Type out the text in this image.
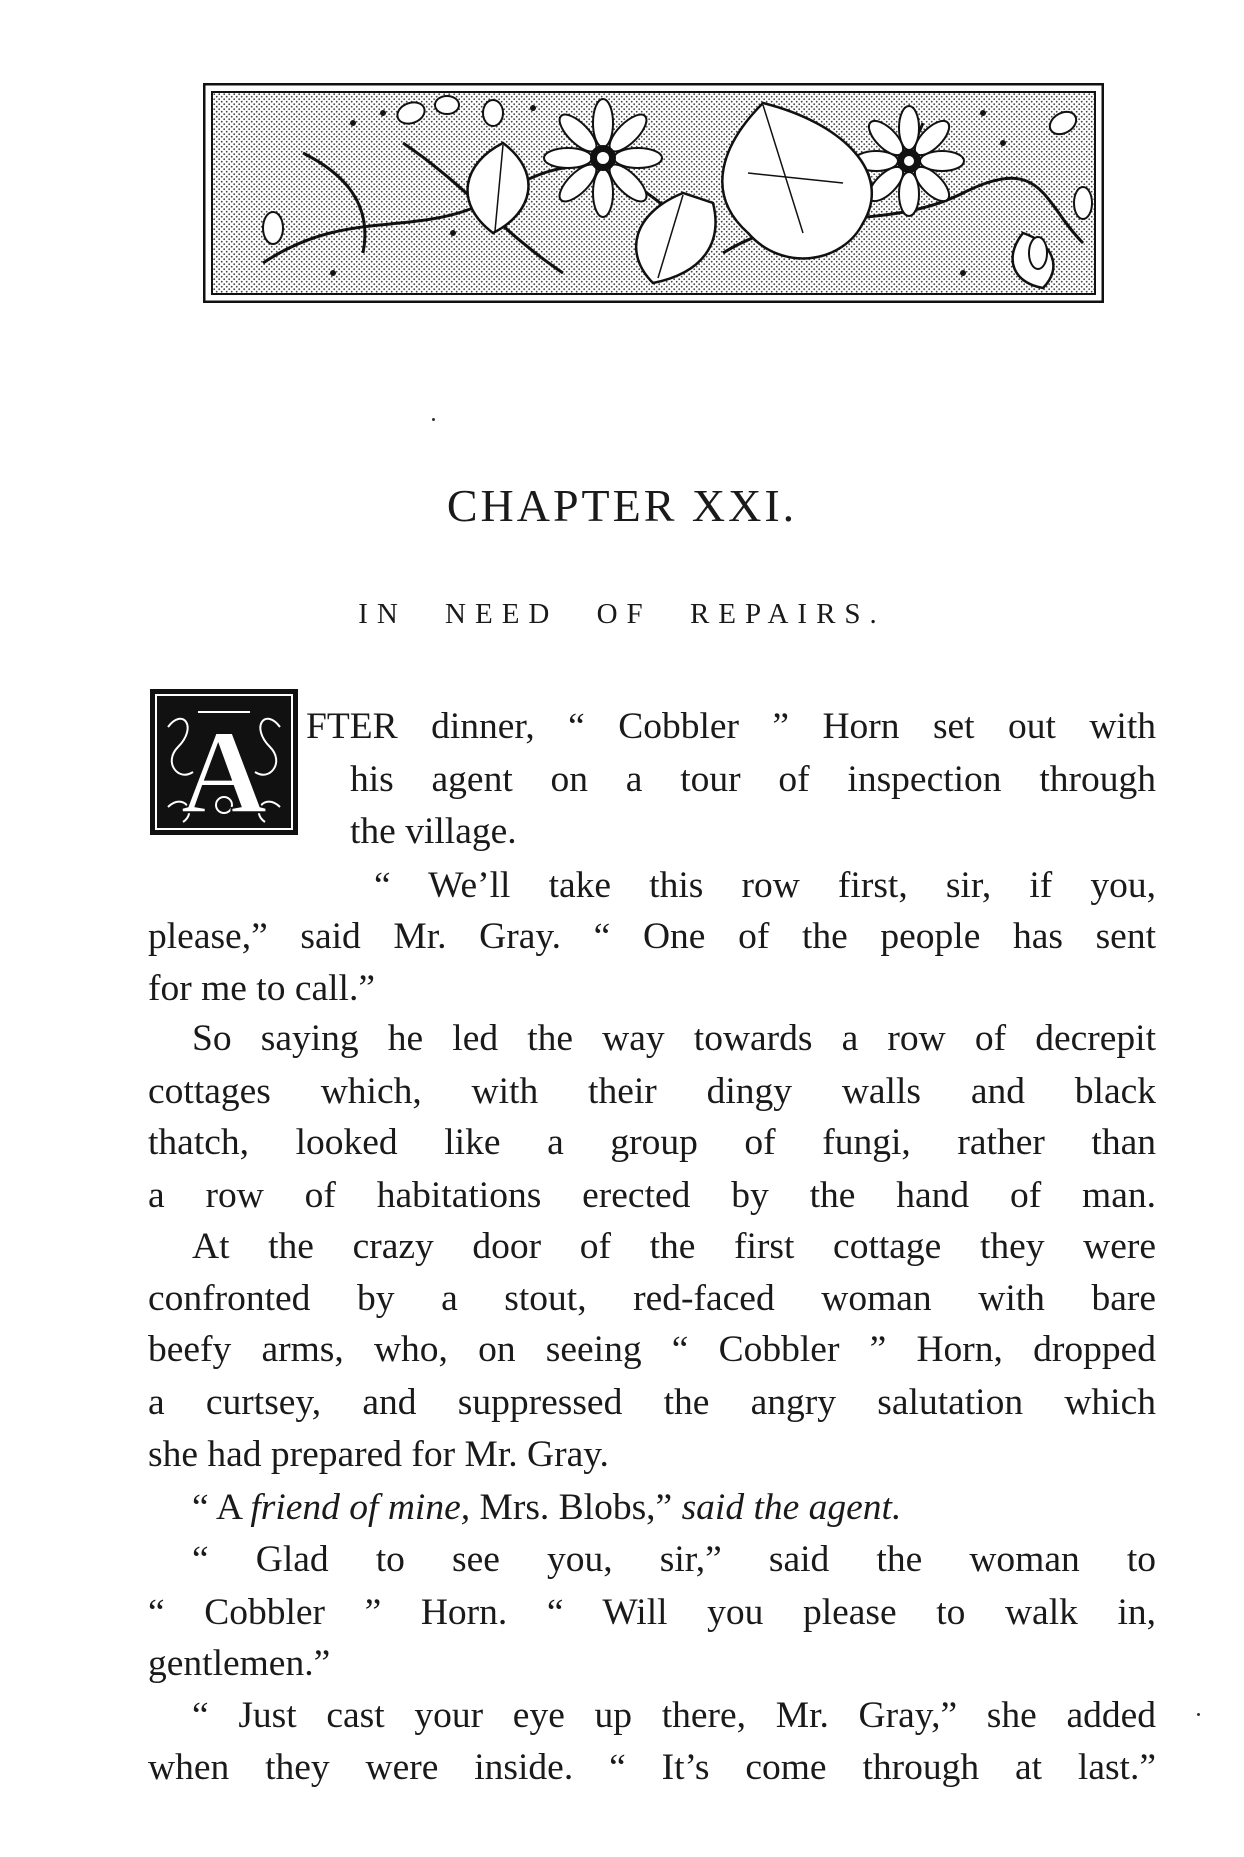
CHAPTER XXI.
IN NEED OF REPAIRS.
A FTER dinner, “ Cobbler ” Horn set out with
his agent on a tour of inspection through
the village.
“ We’ll take this row first, sir, if you,
please,” said Mr. Gray. “ One of the people has sent
for me to call.”
So saying he led the way towards a row of decrepit
cottages which, with their dingy walls and black
thatch, looked like a group of fungi, rather than
a row of habitations erected by the hand of man.
At the crazy door of the first cottage they were
confronted by a stout, red-faced woman with bare
beefy arms, who, on seeing “ Cobbler ” Horn, dropped
a curtsey, and suppressed the angry salutation which
she had prepared for Mr. Gray.
“ A friend of mine, Mrs. Blobs,” said the agent.
“ Glad to see you, sir,” said the woman to
“ Cobbler ” Horn. “ Will you please to walk in,
gentlemen.”
“ Just cast your eye up there, Mr. Gray,” she added
when they were inside. “ It’s come through at last.”
